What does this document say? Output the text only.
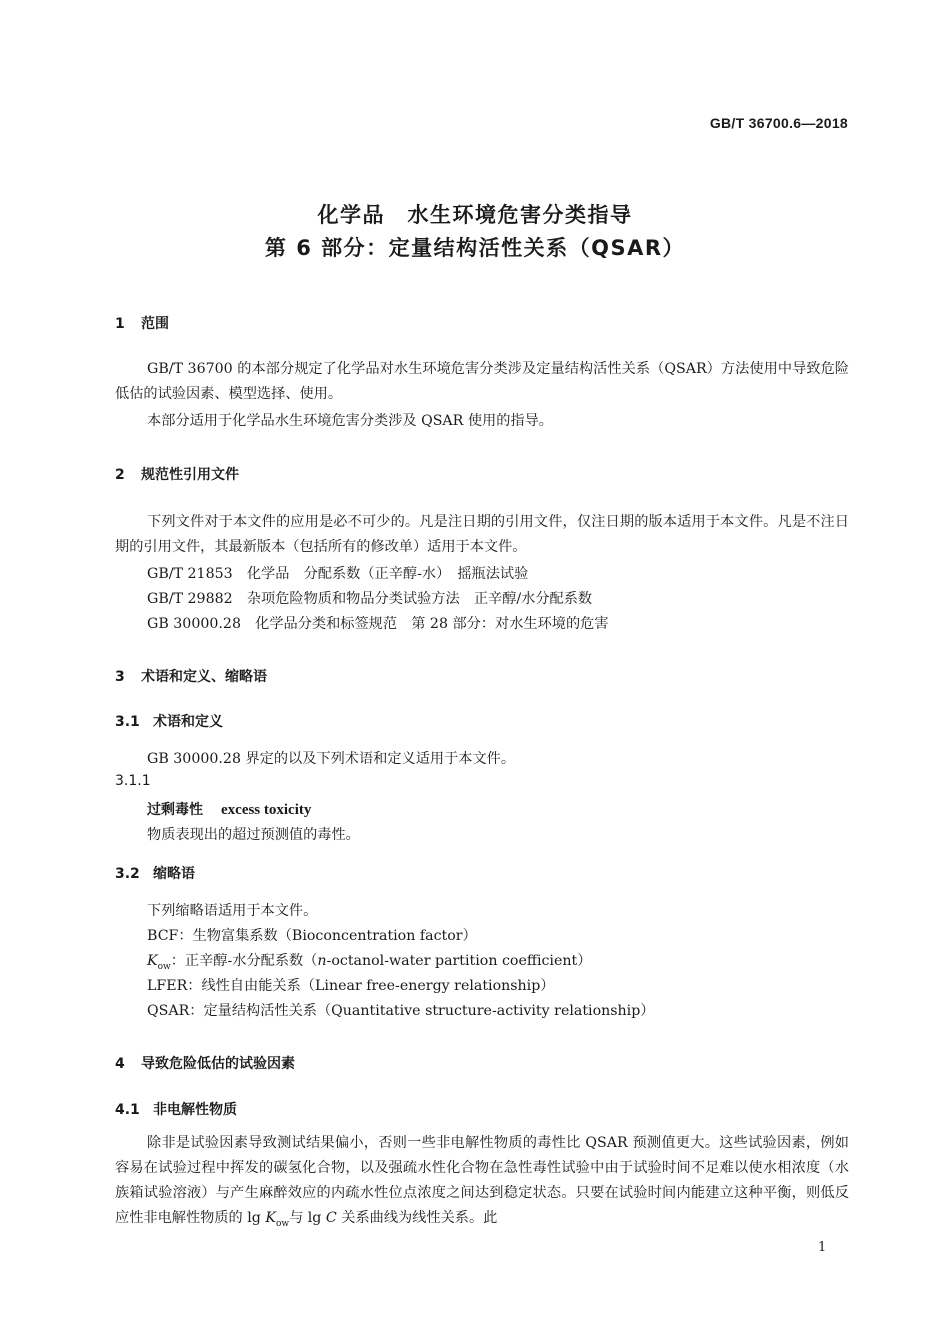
GB/T 36700.6—2018
化学品　水生环境危害分类指导
第 6 部分：定量结构活性关系（QSAR）
1 范围
GB/T 36700 的本部分规定了化学品对水生环境危害分类涉及定量结构活性关系（QSAR）方法使用中导致危险低估的试验因素、模型选择、使用。
本部分适用于化学品水生环境危害分类涉及 QSAR 使用的指导。
2 规范性引用文件
下列文件对于本文件的应用是必不可少的。凡是注日期的引用文件，仅注日期的版本适用于本文件。凡是不注日期的引用文件，其最新版本（包括所有的修改单）适用于本文件。
GB/T 21853　化学品　分配系数（正辛醇-水）　摇瓶法试验
GB/T 29882　杂项危险物质和物品分类试验方法　正辛醇/水分配系数
GB 30000.28　化学品分类和标签规范　第 28 部分：对水生环境的危害
3 术语和定义、缩略语
3.1 术语和定义
GB 30000.28 界定的以及下列术语和定义适用于本文件。
3.1.1
过剩毒性 excess toxicity
物质表现出的超过预测值的毒性。
3.2 缩略语
下列缩略语适用于本文件。
BCF：生物富集系数（Bioconcentration factor）
$K_{ow}$：正辛醇-水分配系数（n-octanol-water partition coefficient）
LFER：线性自由能关系（Linear free-energy relationship）
QSAR：定量结构活性关系（Quantitative structure-activity relationship）
4 导致危险低估的试验因素
4.1 非电解性物质
除非是试验因素导致测试结果偏小，否则一些非电解性物质的毒性比 QSAR 预测值更大。这些试验因素，例如容易在试验过程中挥发的碳氢化合物，以及强疏水性化合物在急性毒性试验中由于试验时间不足难以使水相浓度（水族箱试验溶液）与产生麻醉效应的内疏水性位点浓度之间达到稳定状态。只要在试验时间内能建立这种平衡，则低反应性非电解性物质的 $\lg K_{ow}$与 lg C 关系曲线为线性关系。此
1
